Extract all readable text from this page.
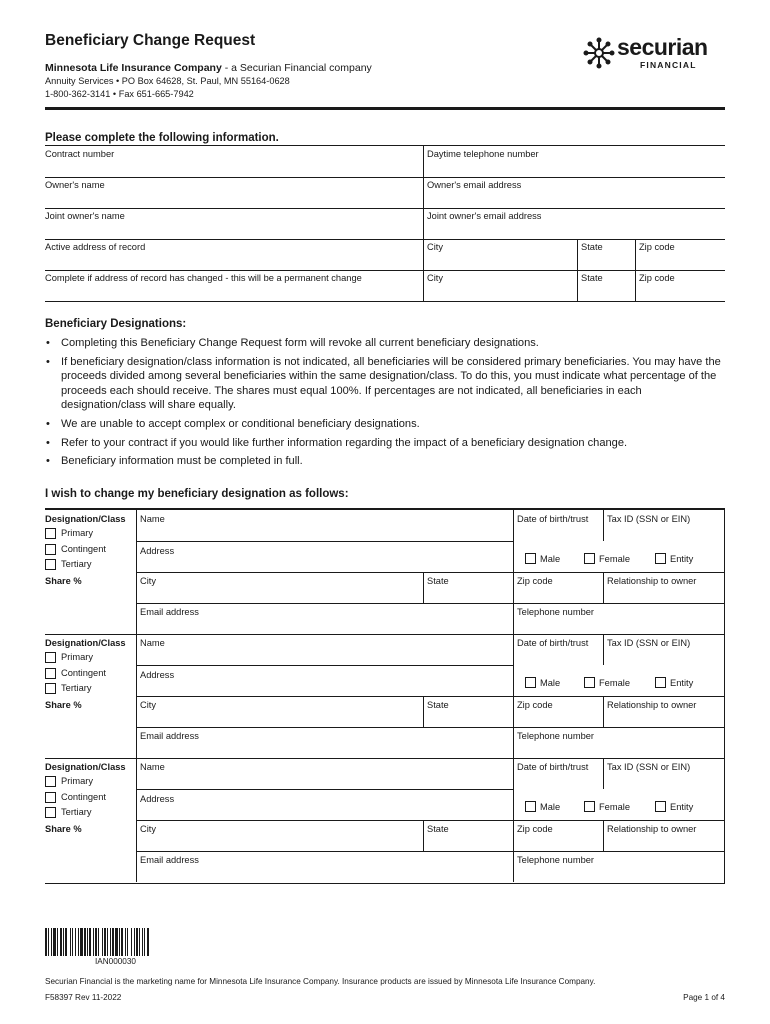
Beneficiary Change Request
Minnesota Life Insurance Company - a Securian Financial company
Annuity Services • PO Box 64628, St. Paul, MN 55164-0628
1-800-362-3141 • Fax 651-665-7942
securian
FINANCIAL
Please complete the following information.
Contract number	Daytime telephone number
Owner's name	Owner's email address
Joint owner's name	Joint owner's email address
Active address of record	City	State	Zip code
Complete if address of record has changed - this will be a permanent change	City	State	Zip code
Beneficiary Designations:
• Completing this Beneficiary Change Request form will revoke all current beneficiary designations.
• If beneficiary designation/class information is not indicated, all beneficiaries will be considered primary beneficiaries. You may have the proceeds divided among several beneficiaries within the same designation/class. To do this, you must indicate what percentage of the proceeds each should receive. The shares must equal 100%. If percentages are not indicated, all beneficiaries in each designation/class will share equally.
• We are unable to accept complex or conditional beneficiary designations.
• Refer to your contract if you would like further information regarding the impact of a beneficiary designation change.
• Beneficiary information must be completed in full.
I wish to change my beneficiary designation as follows:
Designation/Class
Primary
Contingent
Tertiary
Share %
Name	Date of birth/trust Tax ID (SSN or EIN)
Address
Male	Female	Entity
City	State	Zip code	Relationship to owner
Email address	Telephone number
Designation/Class
Primary
Contingent
Tertiary
Share %
Name	Date of birth/trust Tax ID (SSN or EIN)
Address
Male	Female	Entity
City	State	Zip code	Relationship to owner
Email address	Telephone number
Designation/Class
Primary
Contingent
Tertiary
Share %
Name	Date of birth/trust Tax ID (SSN or EIN)
Address
Male	Female	Entity
City	State	Zip code	Relationship to owner
Email address	Telephone number
IAN000030
Securian Financial is the marketing name for Minnesota Life Insurance Company. Insurance products are issued by Minnesota Life Insurance Company.
F58397 Rev 11-2022	Page 1 of 4
